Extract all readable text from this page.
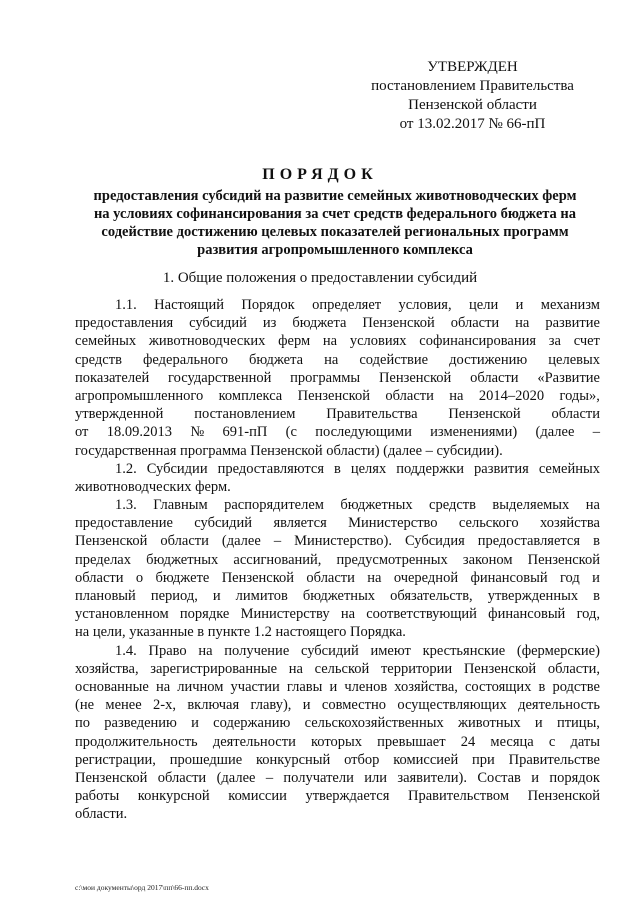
УТВЕРЖДЕН
постановлением Правительства
Пензенской области
от 13.02.2017 № 66-пП
ПОРЯДОК
предоставления субсидий на развитие семейных животноводческих ферм
на условиях софинансирования за счет средств федерального бюджета на
содействие достижению целевых показателей региональных программ
развития агропромышленного комплекса
1. Общие положения о предоставлении субсидий
1.1. Настоящий Порядок определяет условия, цели и механизм
предоставления субсидий из бюджета Пензенской области на развитие
семейных животноводческих ферм на условиях софинансирования за счет
средств федерального бюджета на содействие достижению целевых
показателей государственной программы Пензенской области «Развитие
агропромышленного комплекса Пензенской области на 2014–2020 годы»,
утвержденной постановлением Правительства Пензенской области
от 18.09.2013 № 691-пП (с последующими изменениями) (далее –
государственная программа Пензенской области) (далее – субсидии).
1.2. Субсидии предоставляются в целях поддержки развития семейных
животноводческих ферм.
1.3. Главным распорядителем бюджетных средств выделяемых на
предоставление субсидий является Министерство сельского хозяйства
Пензенской области (далее – Министерство). Субсидия предоставляется в
пределах бюджетных ассигнований, предусмотренных законом Пензенской
области о бюджете Пензенской области на очередной финансовый год и
плановый период, и лимитов бюджетных обязательств, утвержденных в
установленном порядке Министерству на соответствующий финансовый год,
на цели, указанные в пункте 1.2 настоящего Порядка.
1.4. Право на получение субсидий имеют крестьянские (фермерские)
хозяйства, зарегистрированные на сельской территории Пензенской области,
основанные на личном участии главы и членов хозяйства, состоящих в родстве
(не менее 2-х, включая главу), и совместно осуществляющих деятельность
по разведению и содержанию сельскохозяйственных животных и птицы,
продолжительность деятельности которых превышает 24 месяца с даты
регистрации, прошедшие конкурсный отбор комиссией при Правительстве
Пензенской области (далее – получатели или заявители). Состав и порядок
работы конкурсной комиссии утверждается Правительством Пензенской
области.
c:\мои документы\орд 2017\пп\66-пп.docx
